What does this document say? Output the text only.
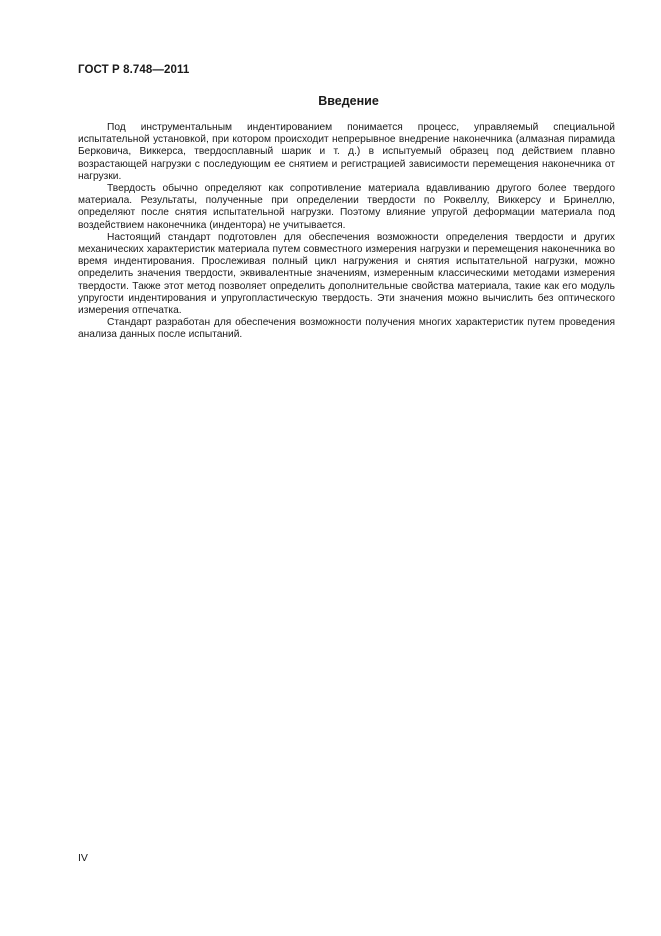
ГОСТ Р 8.748—2011
Введение

Под инструментальным индентированием понимается процесс, управляемый специальной испытательной установкой, при котором происходит непрерывное внедрение наконечника (алмазная пирамида Берковича, Виккерса, твердосплавный шарик и т. д.) в испытуемый образец под действием плавно возрастающей нагрузки с последующим ее снятием и регистрацией зависимости перемещения наконечника от нагрузки.

Твердость обычно определяют как сопротивление материала вдавливанию другого более твердого материала. Результаты, полученные при определении твердости по Роквеллу, Виккерсу и Бринеллю, определяют после снятия испытательной нагрузки. Поэтому влияние упругой деформации материала под воздействием наконечника (индентора) не учитывается.

Настоящий стандарт подготовлен для обеспечения возможности определения твердости и других механических характеристик материала путем совместного измерения нагрузки и перемещения наконечника во время индентирования. Прослеживая полный цикл нагружения и снятия испытательной нагрузки, можно определить значения твердости, эквивалентные значениям, измеренным классическими методами измерения твердости. Также этот метод позволяет определить дополнительные свойства материала, такие как его модуль упругости индентирования и упругопластическую твердость. Эти значения можно вычислить без оптического измерения отпечатка.

Стандарт разработан для обеспечения возможности получения многих характеристик путем проведения анализа данных после испытаний.

IV
